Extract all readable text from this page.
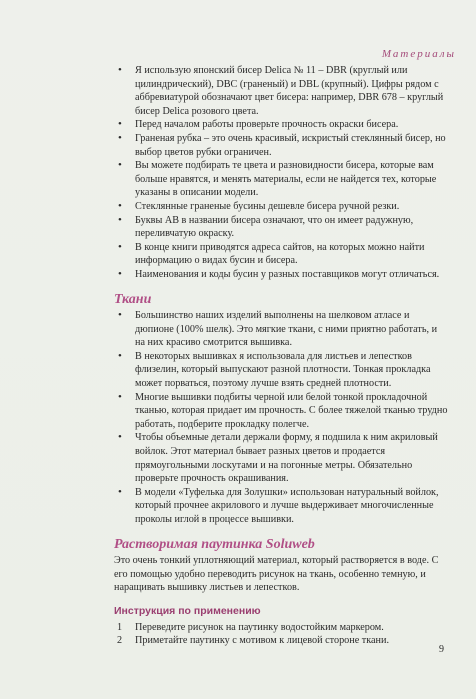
Материалы
• Я использую японский бисер Delica № 11 – DBR (круглый или цилиндрический), DBC (граненый) и DBL (крупный). Цифры рядом с аббревиатурой обозначают цвет бисера: например, DBR 678 – круглый бисер Delica розового цвета.
• Перед началом работы проверьте прочность окраски бисера.
• Граненая рубка – это очень красивый, искристый стеклянный бисер, но выбор цветов рубки ограничен.
• Вы можете подбирать те цвета и разновидности бисера, которые вам больше нравятся, и менять материалы, если не найдется тех, которые указаны в описании модели.
• Стеклянные граненые бусины дешевле бисера ручной резки.
• Буквы AB в названии бисера означают, что он имеет радужную, переливчатую окраску.
• В конце книги приводятся адреса сайтов, на которых можно найти информацию о видах бусин и бисера.
• Наименования и коды бусин у разных поставщиков могут отличаться.
Ткани
• Большинство наших изделий выполнены на шелковом атласе и дюпионе (100% шелк). Это мягкие ткани, с ними приятно работать, и на них красиво смотрится вышивка.
• В некоторых вышивках я использовала для листьев и лепестков флизелин, который выпускают разной плотности. Тонкая прокладка может порваться, поэтому лучше взять средней плотности.
• Многие вышивки подбиты черной или белой тонкой прокладочной тканью, которая придает им прочность. С более тяжелой тканью трудно работать, подберите прокладку полегче.
• Чтобы объемные детали держали форму, я подшила к ним акриловый войлок. Этот материал бывает разных цветов и продается прямоугольными лоскутами и на погонные метры. Обязательно проверьте прочность окрашивания.
• В модели «Туфелька для Золушки» использован натуральный войлок, который прочнее акрилового и лучше выдерживает многочисленные проколы иглой в процессе вышивки.
Растворимая паутинка Soluweb

Это очень тонкий уплотняющий материал, который растворяется в воде. С его помощью удобно переводить рисунок на ткань, особенно темную, и наращивать вышивку листьев и лепестков.

Инструкция по применению
1 Переведите рисунок на паутинку водостойким маркером.
2 Приметайте паутинку с мотивом к лицевой стороне ткани.
9
